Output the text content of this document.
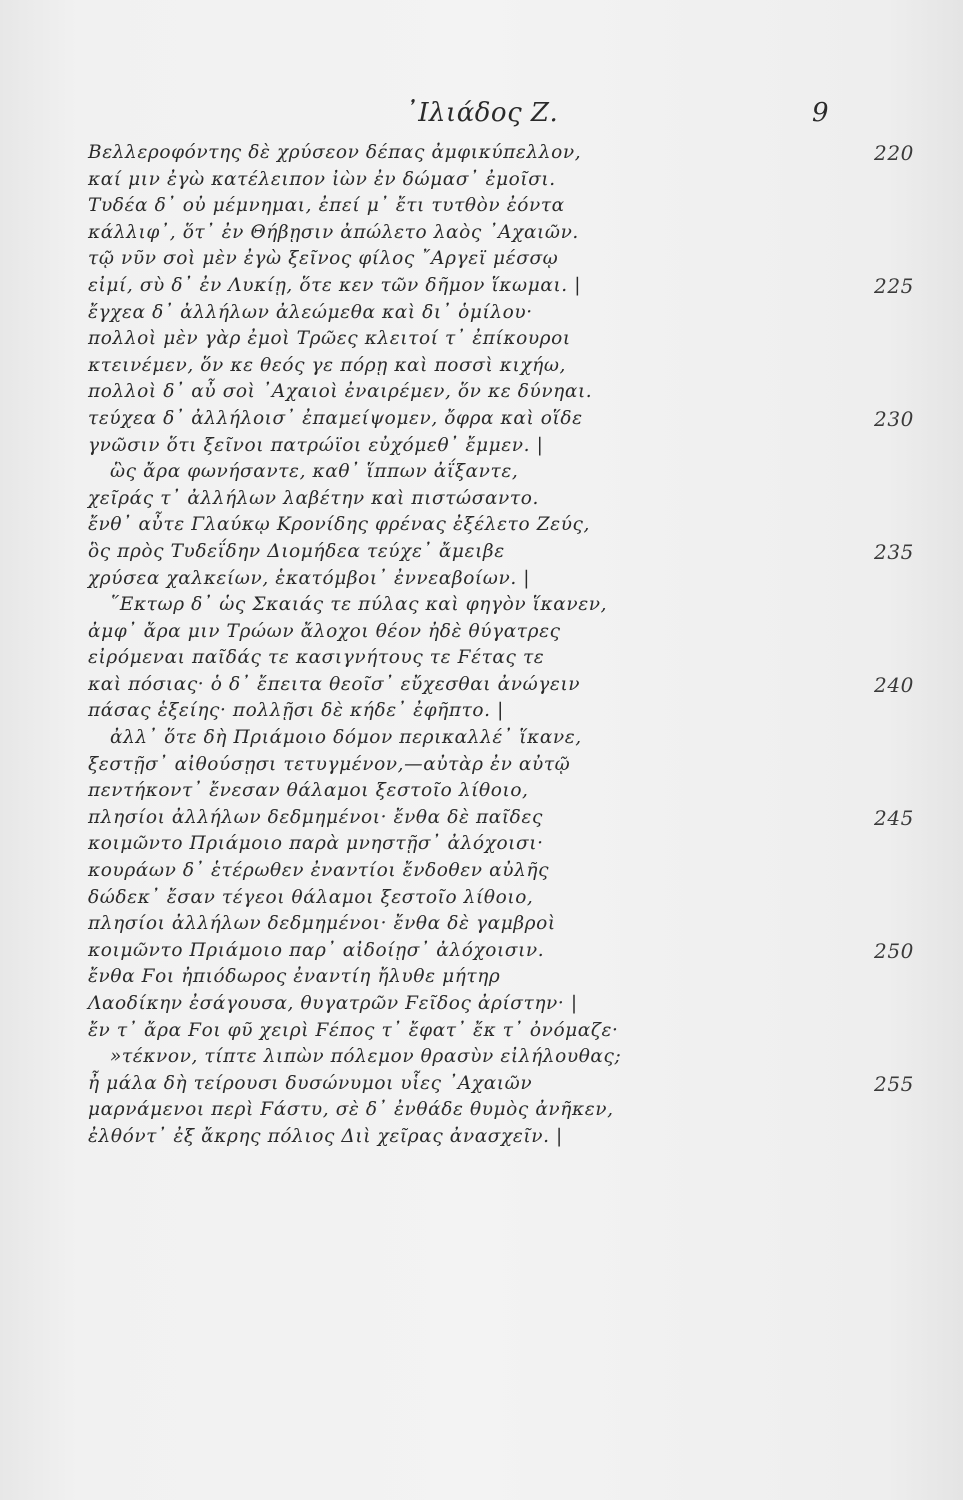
᾽Ιλιάδος Ζ.	9
Βελλεροφόντης δὲ χρύσεον δέπας ἀμφικύπελλον,	220
καί μιν ἐγὼ κατέλειπον ἰὼν ἐν δώμασ᾽ ἐμοῖσι.
Τυδέα δ᾽ οὐ μέμνημαι, ἐπεί μ᾽ ἔτι τυτθὸν ἐόντα
κάλλιφ᾽, ὅτ᾽ ἐν Θήβῃσιν ἀπώλετο λαὸς ᾽Αχαιῶν.
τῷ νῦν σοὶ μὲν ἐγὼ ξεῖνος φίλος ῎Αργεϊ μέσσῳ
εἰμί, σὺ δ᾽ ἐν Λυκίῃ, ὅτε κεν τῶν δῆμον ἵκωμαι. |	225
ἔγχεα δ᾽ ἀλλήλων ἀλεώμεθα καὶ δι᾽ ὁμίλου·
πολλοὶ μὲν γὰρ ἐμοὶ Τρῶες κλειτοί τ᾽ ἐπίκουροι
κτεινέμεν, ὅν κε θεός γε πόρῃ καὶ ποσσὶ κιχήω,
πολλοὶ δ᾽ αὖ σοὶ ᾽Αχαιοὶ ἐναιρέμεν, ὅν κε δύνηαι.
τεύχεα δ᾽ ἀλλήλοισ᾽ ἐπαμείψομεν, ὄφρα καὶ οἵδε	230
γνῶσιν ὅτι ξεῖνοι πατρώϊοι εὐχόμεθ᾽ ἔμμεν. |
ὣς ἄρα φωνήσαντε, καθ᾽ ἵππων ἀΐξαντε,
χεῖράς τ᾽ ἀλλήλων λαβέτην καὶ πιστώσαντο.
ἔνθ᾽ αὖτε Γλαύκῳ Κρονίδης φρένας ἐξέλετο Ζεύς,
ὃς πρὸς Τυδεΐδην Διομήδεα τεύχε᾽ ἄμειβε	235
χρύσεα χαλκείων, ἑκατόμβοι᾽ ἐννεαβοίων. |
῞Εκτωρ δ᾽ ὡς Σκαιάς τε πύλας καὶ φηγὸν ἵκανεν,
ἀμφ᾽ ἄρα μιν Τρώων ἄλοχοι θέον ἠδὲ θύγατρες
εἰρόμεναι παῖδάς τε κασιγνήτους τε Ϝέτας τε
καὶ πόσιας· ὁ δ᾽ ἔπειτα θεοῖσ᾽ εὔχεσθαι ἀνώγειν	240
πάσας ἑξείης· πολλῇσι δὲ κήδε᾽ ἐφῆπτο. |
ἀλλ᾽ ὅτε δὴ Πριάμοιο δόμον περικαλλέ᾽ ἵκανε,
ξεστῇσ᾽ αἰθούσῃσι τετυγμένον,—αὐτὰρ ἐν αὐτῷ
πεντήκοντ᾽ ἔνεσαν θάλαμοι ξεστοῖο λίθοιο,
πλησίοι ἀλλήλων δεδμημένοι· ἔνθα δὲ παῖδες	245
κοιμῶντο Πριάμοιο παρὰ μνηστῇσ᾽ ἀλόχοισι·
κουράων δ᾽ ἑτέρωθεν ἐναντίοι ἔνδοθεν αὐλῆς
δώδεκ᾽ ἔσαν τέγεοι θάλαμοι ξεστοῖο λίθοιο,
πλησίοι ἀλλήλων δεδμημένοι· ἔνθα δὲ γαμβροὶ
κοιμῶντο Πριάμοιο παρ᾽ αἰδοίῃσ᾽ ἀλόχοισιν.	250
ἔνθα Ϝοι ἠπιόδωρος ἐναντίη ἤλυθε μήτηρ
Λαοδίκην ἐσάγουσα, θυγατρῶν Ϝεῖδος ἀρίστην· |
ἔν τ᾽ ἄρα Ϝοι φῦ χειρὶ Ϝέπος τ᾽ ἔφατ᾽ ἔκ τ᾽ ὀνόμαζε·
»τέκνον, τίπτε λιπὼν πόλεμον θρασὺν εἰλήλουθας;
ἦ μάλα δὴ τείρουσι δυσώνυμοι υἷες ᾽Αχαιῶν	255
μαρνάμενοι περὶ Ϝάστυ, σὲ δ᾽ ἐνθάδε θυμὸς ἀνῆκεν,
ἐλθόντ᾽ ἐξ ἄκρης πόλιος Διὶ χεῖρας ἀνασχεῖν. |
